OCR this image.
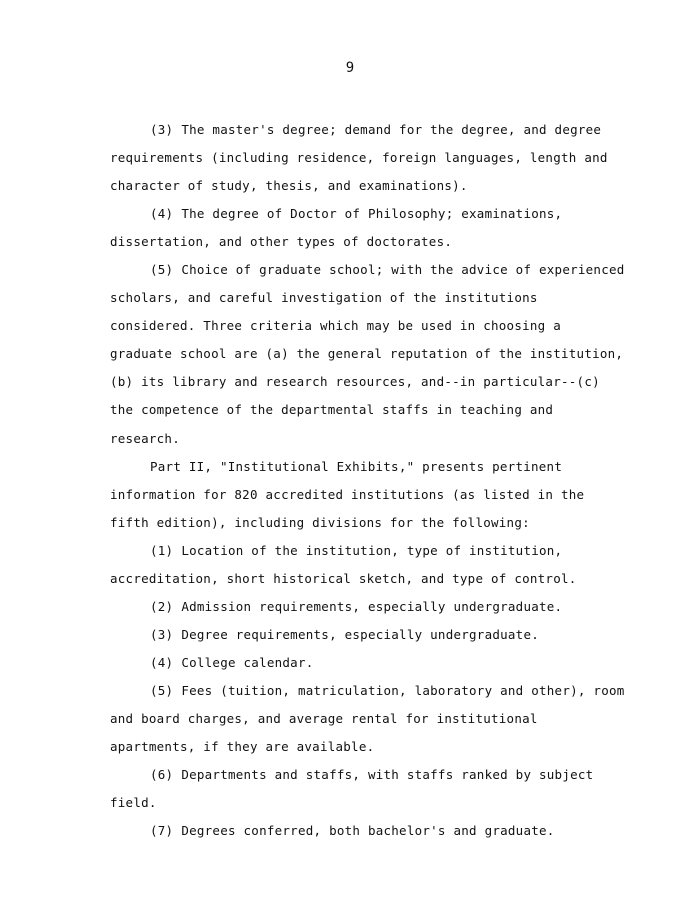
9

(3) The master's degree; demand for the degree, and degree requirements (including residence, foreign languages, length and character of study, thesis, and examinations).

(4) The degree of Doctor of Philosophy; examinations, dissertation, and other types of doctorates.

(5) Choice of graduate school; with the advice of experienced scholars, and careful investigation of the institutions considered. Three criteria which may be used in choosing a graduate school are (a) the general reputation of the institution, (b) its library and research resources, and--in particular--(c) the competence of the departmental staffs in teaching and research.

Part II, "Institutional Exhibits," presents pertinent information for 820 accredited institutions (as listed in the fifth edition), including divisions for the following:

(1) Location of the institution, type of institution, accreditation, short historical sketch, and type of control.

(2) Admission requirements, especially undergraduate.

(3) Degree requirements, especially undergraduate.

(4) College calendar.

(5) Fees (tuition, matriculation, laboratory and other), room and board charges, and average rental for institutional apartments, if they are available.

(6) Departments and staffs, with staffs ranked by subject field.

(7) Degrees conferred, both bachelor's and graduate.
